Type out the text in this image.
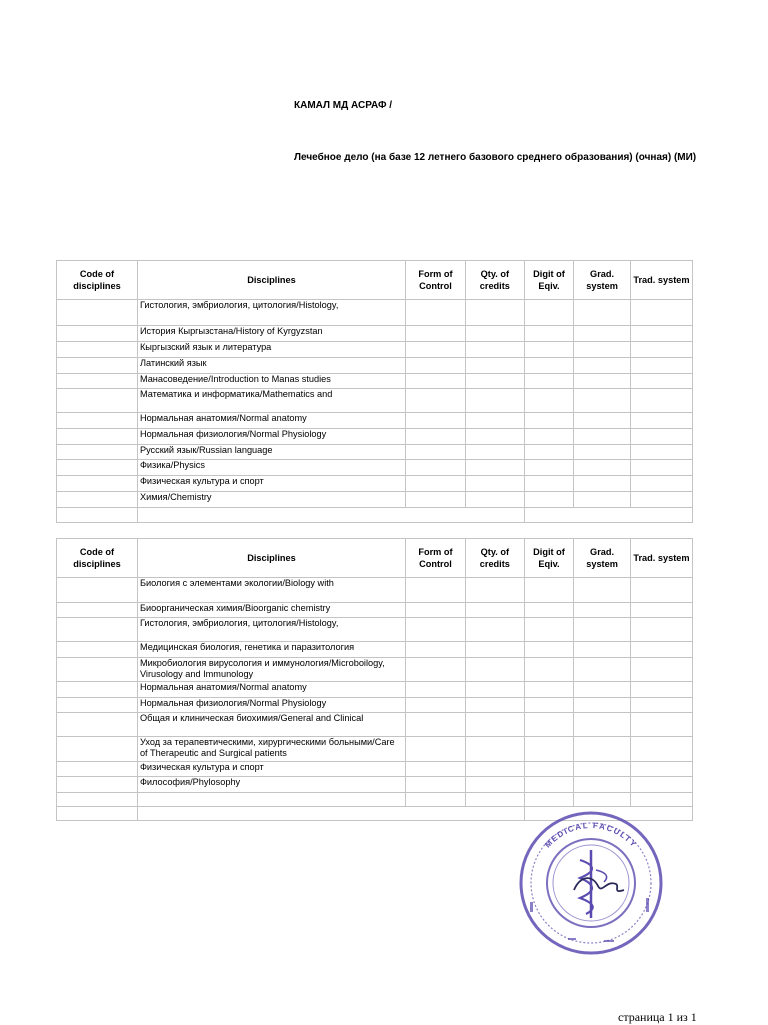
КАМАЛ МД АСРАФ /
Лечебное дело (на базе 12 летнего базового среднего образования) (очная) (МИ)
Code of disciplines	Disciplines	Form of Control	Qty. of credits	Digit of Eqiv.	Grad. system	Trad. system
	Гистология, эмбриология, цитология/Histology,					
	История Кыргызстана/History of Kyrgyzstan					
	Кыргызский язык и литература					
	Латинский язык					
	Манасоведение/Introduction to Manas studies					
	Математика и информатика/Mathematics and					
	Нормальная анатомия/Normal anatomy					
	Нормальная физиология/Normal Physiology					
	Русский язык/Russian language					
	Физика/Physics					
	Физическая культура и спорт					
	Химия/Chemistry					

Code of disciplines	Disciplines	Form of Control	Qty. of credits	Digit of Eqiv.	Grad. system	Trad. system
	Биология с элементами экологии/Biology with					
	Биоорганическая химия/Bioorganic chemistry					
	Гистология, эмбриология, цитология/Histology,					
	Медицинская биология, генетика и паразитология					
	Микробиология вирусология и иммунология/Microboilogy, Virusology and Immunology					
	Нормальная анатомия/Normal anatomy					
	Нормальная физиология/Normal Physiology					
	Общая и клиническая биохимия/General and Clinical					
	Уход за терапевтическими, хирургическими больными/Care of Therapeutic and Surgical patients					
	Физическая культура и спорт					
	Философия/Phylosophy					

MEDICAL FACULTY
страница 1 из 1
